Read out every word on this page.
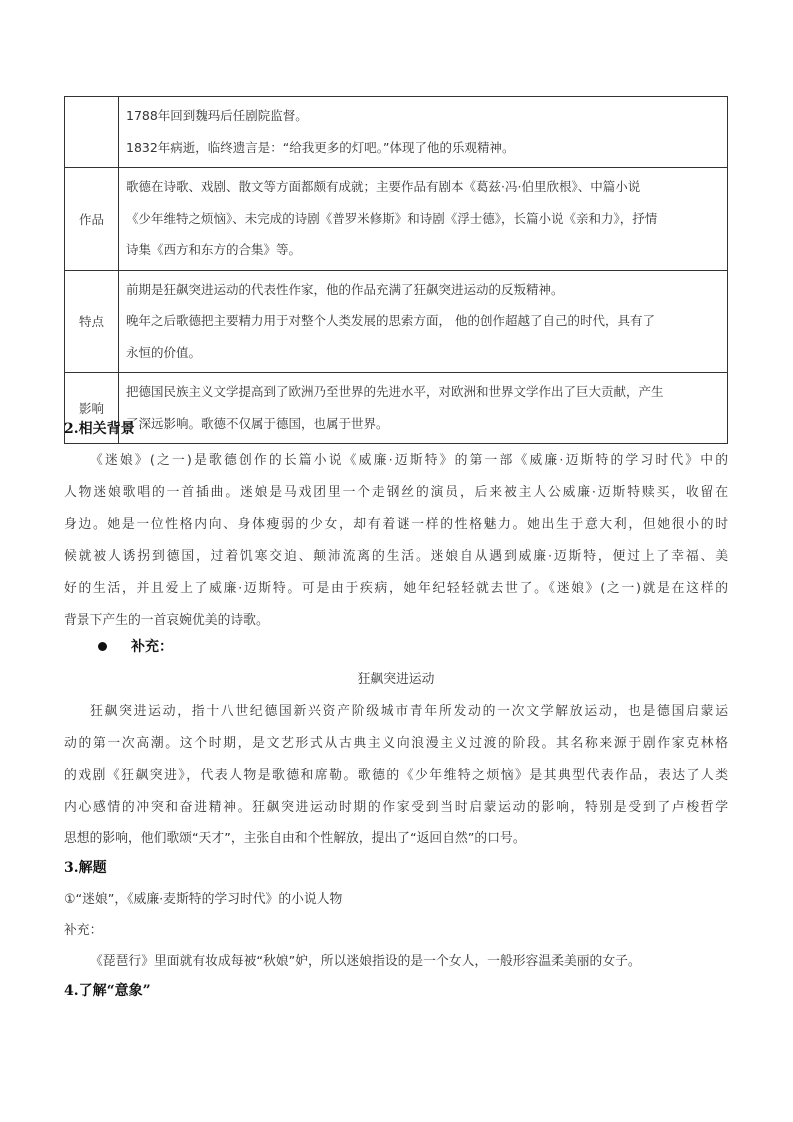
	1788年回到魏玛后任剧院监督。
1832年病逝，临终遗言是：“给我更多的灯吧。”体现了他的乐观精神。

作品	歌德在诗歌、戏剧、散文等方面都颇有成就；主要作品有剧本《葛兹·冯·伯里欣根》、中篇小说
《少年维特之烦恼》、未完成的诗剧《普罗米修斯》和诗剧《浮士德》，长篇小说《亲和力》，抒情
诗集《西方和东方的合集》等。

特点	前期是狂飙突进运动的代表性作家，他的作品充满了狂飙突进运动的反叛精神。
晚年之后歌德把主要精力用于对整个人类发展的思索方面， 他的创作超越了自己的时代，具有了
永恒的价值。

影响	把德国民族主义文学提高到了欧洲乃至世界的先进水平，对欧洲和世界文学作出了巨大贡献，产生
了深远影响。歌德不仅属于德国，也属于世界。
2.相关背景
《迷娘》(之一)是歌德创作的长篇小说《威廉·迈斯特》的第一部《威廉·迈斯特的学习时代》中的
人物迷娘歌唱的一首插曲。迷娘是马戏团里一个走钢丝的演员，后来被主人公威廉·迈斯特赎买，收留在
身边。她是一位性格内向、身体瘦弱的少女，却有着谜一样的性格魅力。她出生于意大利，但她很小的时
候就被人诱拐到德国，过着饥寒交迫、颠沛流离的生活。迷娘自从遇到威廉·迈斯特，便过上了幸福、美
好的生活，并且爱上了威廉·迈斯特。可是由于疾病，她年纪轻轻就去世了。《迷娘》(之一)就是在这样的
背景下产生的一首哀婉优美的诗歌。
补充：
狂飙突进运动
狂飙突进运动，指十八世纪德国新兴资产阶级城市青年所发动的一次文学解放运动，也是德国启蒙运
动的第一次高潮。这个时期，是文艺形式从古典主义向浪漫主义过渡的阶段。其名称来源于剧作家克林格
的戏剧《狂飙突进》，代表人物是歌德和席勒。歌德的《少年维特之烦恼》是其典型代表作品，表达了人类
内心感情的冲突和奋进精神。狂飙突进运动时期的作家受到当时启蒙运动的影响，特别是受到了卢梭哲学
思想的影响，他们歌颂“天才”，主张自由和个性解放，提出了“返回自然”的口号。
3.解题
①“迷娘”，《威廉·麦斯特的学习时代》的小说人物
补充：
《琵琶行》里面就有妆成每被“秋娘”妒，所以迷娘指设的是一个女人，一般形容温柔美丽的女子。
4.了解“意象”
